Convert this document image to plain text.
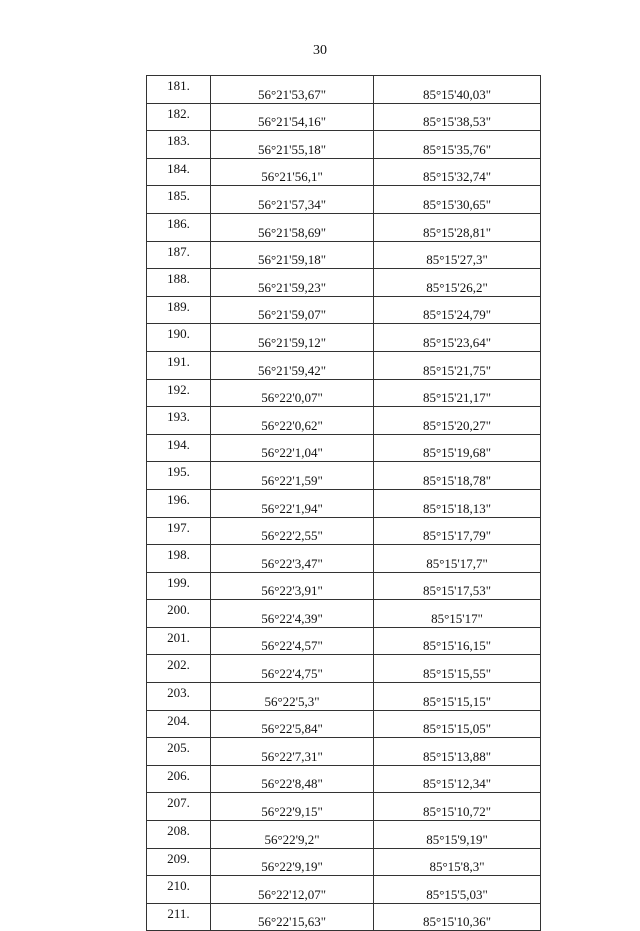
30
181.	56°21'53,67"	85°15'40,03"
182.	56°21'54,16"	85°15'38,53"
183.	56°21'55,18"	85°15'35,76"
184.	56°21'56,1"	85°15'32,74"
185.	56°21'57,34"	85°15'30,65"
186.	56°21'58,69"	85°15'28,81"
187.	56°21'59,18"	85°15'27,3"
188.	56°21'59,23"	85°15'26,2"
189.	56°21'59,07"	85°15'24,79"
190.	56°21'59,12"	85°15'23,64"
191.	56°21'59,42"	85°15'21,75"
192.	56°22'0,07"	85°15'21,17"
193.	56°22'0,62"	85°15'20,27"
194.	56°22'1,04"	85°15'19,68"
195.	56°22'1,59"	85°15'18,78"
196.	56°22'1,94"	85°15'18,13"
197.	56°22'2,55"	85°15'17,79"
198.	56°22'3,47"	85°15'17,7"
199.	56°22'3,91"	85°15'17,53"
200.	56°22'4,39"	85°15'17"
201.	56°22'4,57"	85°15'16,15"
202.	56°22'4,75"	85°15'15,55"
203.	56°22'5,3"	85°15'15,15"
204.	56°22'5,84"	85°15'15,05"
205.	56°22'7,31"	85°15'13,88"
206.	56°22'8,48"	85°15'12,34"
207.	56°22'9,15"	85°15'10,72"
208.	56°22'9,2"	85°15'9,19"
209.	56°22'9,19"	85°15'8,3"
210.	56°22'12,07"	85°15'5,03"
211.	56°22'15,63"	85°15'10,36"
